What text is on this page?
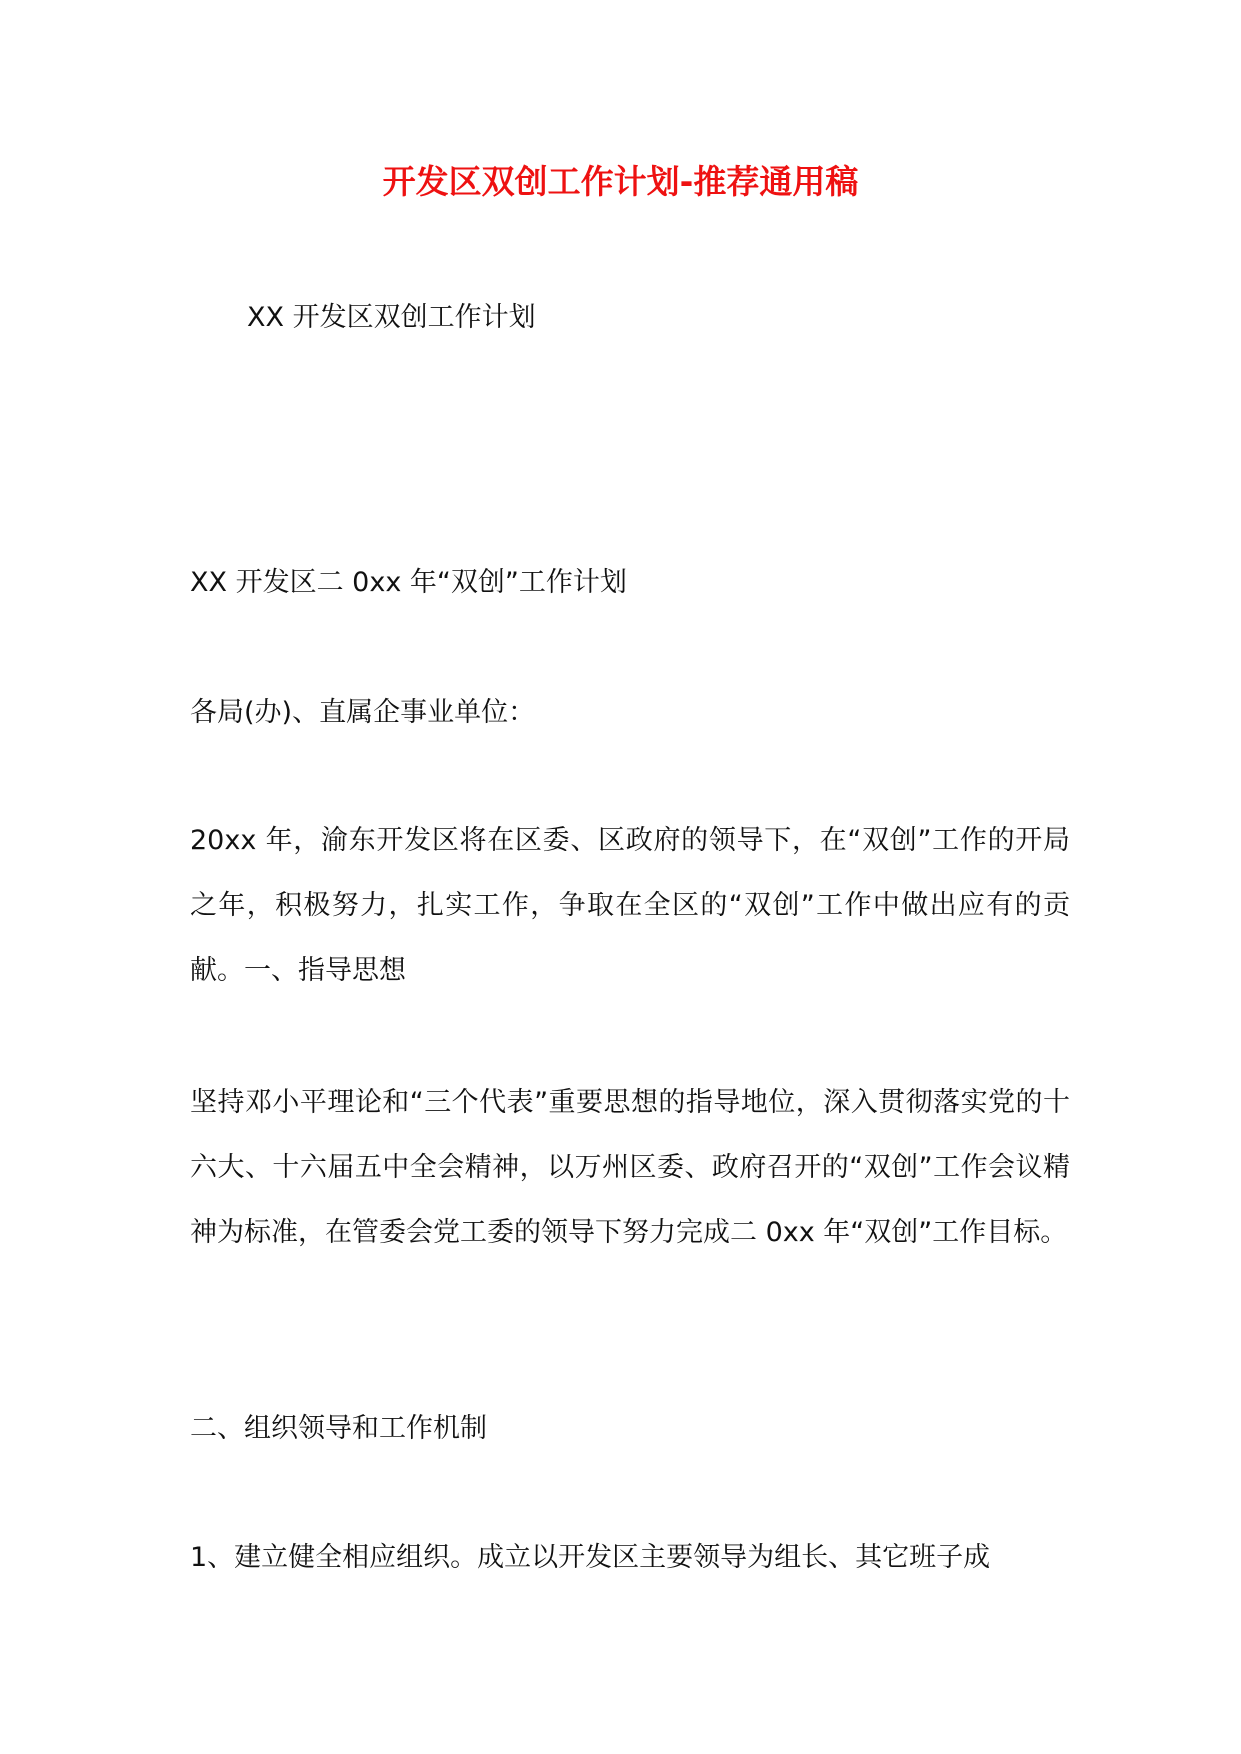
开发区双创工作计划-推荐通用稿

XX 开发区双创工作计划

XX 开发区二 0xx 年“双创”工作计划

各局(办)、直属企事业单位：

20xx 年，渝东开发区将在区委、区政府的领导下，在“双创”工作的开局之年，积极努力，扎实工作，争取在全区的“双创”工作中做出应有的贡献。一、指导思想

坚持邓小平理论和“三个代表”重要思想的指导地位，深入贯彻落实党的十六大、十六届五中全会精神，以万州区委、政府召开的“双创”工作会议精神为标准，在管委会党工委的领导下努力完成二 0xx 年“双创”工作目标。

二、组织领导和工作机制

1、建立健全相应组织。成立以开发区主要领导为组长、其它班子成
